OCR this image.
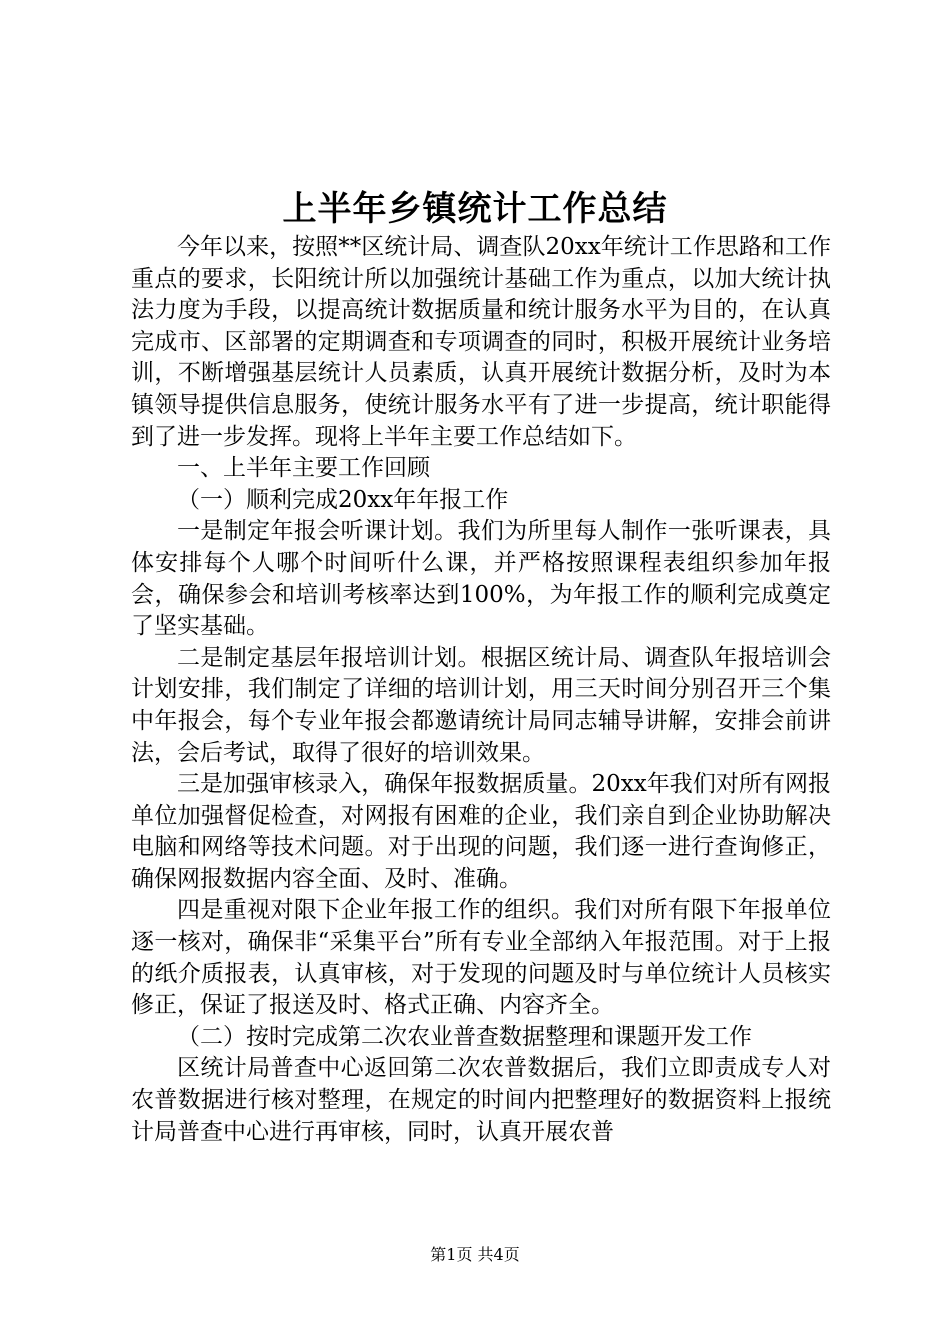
上半年乡镇统计工作总结

今年以来，按照**区统计局、调查队20xx年统计工作思路和工作重点的要求，长阳统计所以加强统计基础工作为重点，以加大统计执法力度为手段，以提高统计数据质量和统计服务水平为目的，在认真完成市、区部署的定期调查和专项调查的同时，积极开展统计业务培训，不断增强基层统计人员素质，认真开展统计数据分析，及时为本镇领导提供信息服务，使统计服务水平有了进一步提高，统计职能得到了进一步发挥。现将上半年主要工作总结如下。

一、上半年主要工作回顾

（一）顺利完成20xx年年报工作

一是制定年报会听课计划。我们为所里每人制作一张听课表，具体安排每个人哪个时间听什么课，并严格按照课程表组织参加年报会，确保参会和培训考核率达到100%，为年报工作的顺利完成奠定了坚实基础。

二是制定基层年报培训计划。根据区统计局、调查队年报培训会计划安排，我们制定了详细的培训计划，用三天时间分别召开三个集中年报会，每个专业年报会都邀请统计局同志辅导讲解，安排会前讲法，会后考试，取得了很好的培训效果。

三是加强审核录入，确保年报数据质量。20xx年我们对所有网报单位加强督促检查，对网报有困难的企业，我们亲自到企业协助解决电脑和网络等技术问题。对于出现的问题，我们逐一进行查询修正，确保网报数据内容全面、及时、准确。

四是重视对限下企业年报工作的组织。我们对所有限下年报单位逐一核对，确保非“采集平台”所有专业全部纳入年报范围。对于上报的纸介质报表，认真审核，对于发现的问题及时与单位统计人员核实修正，保证了报送及时、格式正确、内容齐全。

（二）按时完成第二次农业普查数据整理和课题开发工作

区统计局普查中心返回第二次农普数据后，我们立即责成专人对农普数据进行核对整理，在规定的时间内把整理好的数据资料上报统计局普查中心进行再审核，同时，认真开展农普

第1页 共4页
